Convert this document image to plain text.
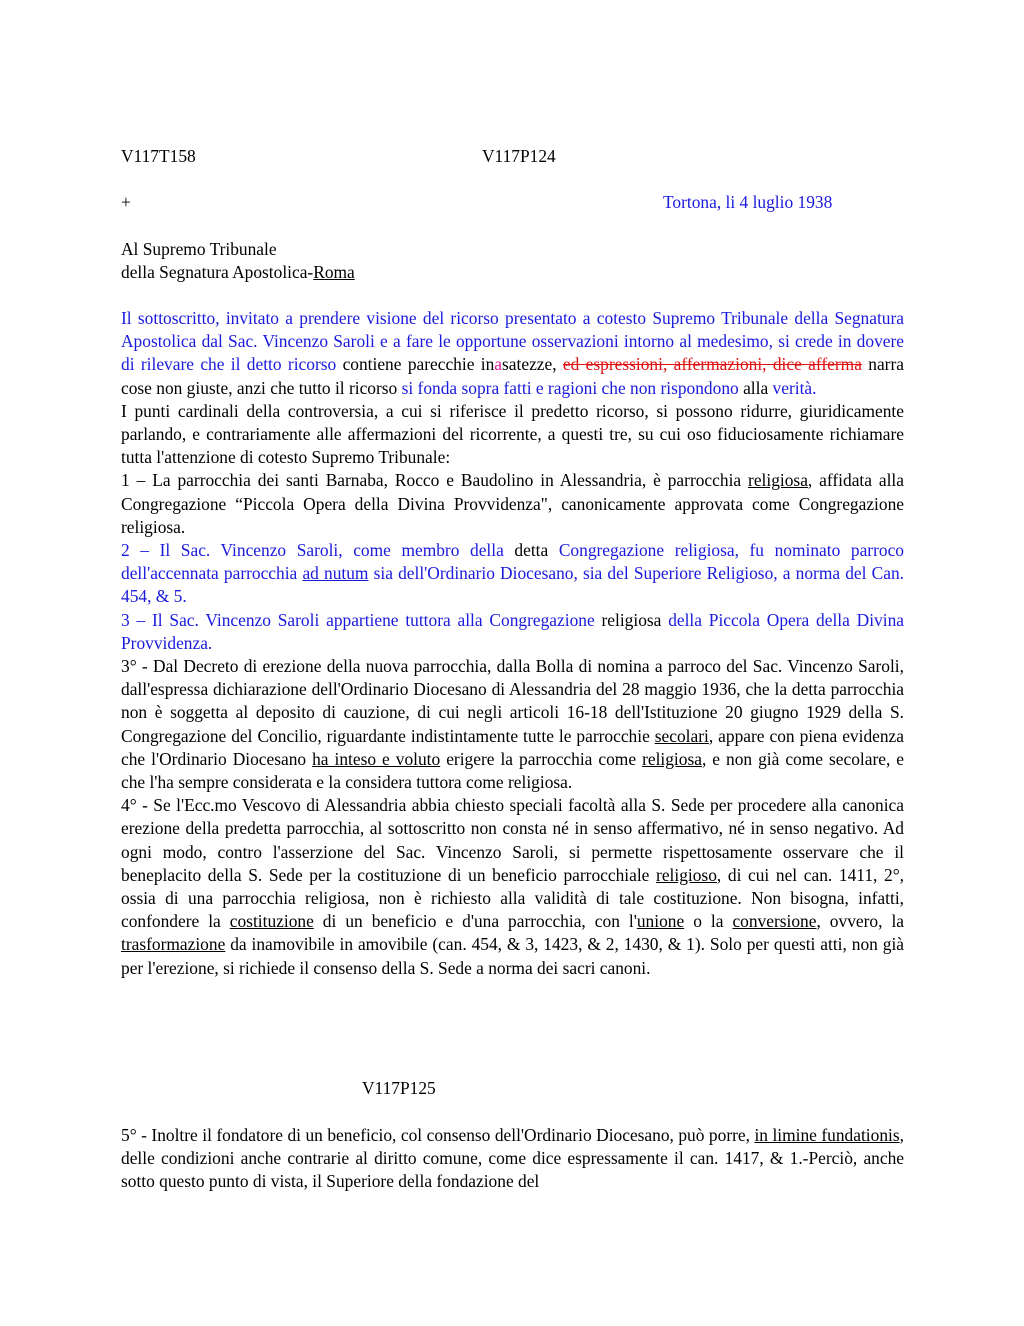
V117T158	V117P124
+	Tortona, li 4 luglio 1938
Al Supremo Tribunale
della Segnatura Apostolica-Roma

Il sottoscritto, invitato a prendere visione del ricorso presentato a cotesto Supremo Tribunale della Segnatura Apostolica dal Sac. Vincenzo Saroli e a fare le opportune osservazioni intorno al medesimo, si crede in dovere di rilevare che il detto ricorso contiene parecchie inasatezze, ed espressioni, affermazioni, dice afferma narra cose non giuste, anzi che tutto il ricorso si fonda sopra fatti e ragioni che non rispondono alla verità.

I punti cardinali della controversia, a cui si riferisce il predetto ricorso, si possono ridurre, giuridicamente parlando, e contrariamente alle affermazioni del ricorrente, a questi tre, su cui oso fiduciosamente richiamare tutta l'attenzione di cotesto Supremo Tribunale:

1 – La parrocchia dei santi Barnaba, Rocco e Baudolino in Alessandria, è parrocchia religiosa, affidata alla Congregazione “Piccola Opera della Divina Provvidenza", canonicamente approvata come Congregazione religiosa.

2 – Il Sac. Vincenzo Saroli, come membro della detta Congregazione religiosa, fu nominato parroco dell'accennata parrocchia ad nutum sia dell'Ordinario Diocesano, sia del Superiore Religioso, a norma del Can. 454, & 5.

3 – Il Sac. Vincenzo Saroli appartiene tuttora alla Congregazione religiosa della Piccola Opera della Divina Provvidenza.

3° - Dal Decreto di erezione della nuova parrocchia, dalla Bolla di nomina a parroco del Sac. Vincenzo Saroli, dall'espressa dichiarazione dell'Ordinario Diocesano di Alessandria del 28 maggio 1936, che la detta parrocchia non è soggetta al deposito di cauzione, di cui negli articoli 16-18 dell'Istituzione 20 giugno 1929 della S. Congregazione del Concilio, riguardante indistintamente tutte le parrocchie secolari, appare con piena evidenza che l'Ordinario Diocesano ha inteso e voluto erigere la parrocchia come religiosa, e non già come secolare, e che l'ha sempre considerata e la considera tuttora come religiosa.

4° - Se l'Ecc.mo Vescovo di Alessandria abbia chiesto speciali facoltà alla S. Sede per procedere alla canonica erezione della predetta parrocchia, al sottoscritto non consta né in senso affermativo, né in senso negativo. Ad ogni modo, contro l'asserzione del Sac. Vincenzo Saroli, si permette rispettosamente osservare che il beneplacito della S. Sede per la costituzione di un beneficio parrocchiale religioso, di cui nel can. 1411, 2°, ossia di una parrocchia religiosa, non è richiesto alla validità di tale costituzione. Non bisogna, infatti, confondere la costituzione di un beneficio e d'una parrocchia, con l'unione o la conversione, ovvero, la trasformazione da inamovibile in amovibile (can. 454, & 3, 1423, & 2, 1430, & 1). Solo per questi atti, non già per l'erezione, si richiede il consenso della S. Sede a norma dei sacri canoni.

V117P125

5° - Inoltre il fondatore di un beneficio, col consenso dell'Ordinario Diocesano, può porre, in limine fundationis, delle condizioni anche contrarie al diritto comune, come dice espressamente il can. 1417, & 1.-Perciò, anche sotto questo punto di vista, il Superiore della fondazione del
